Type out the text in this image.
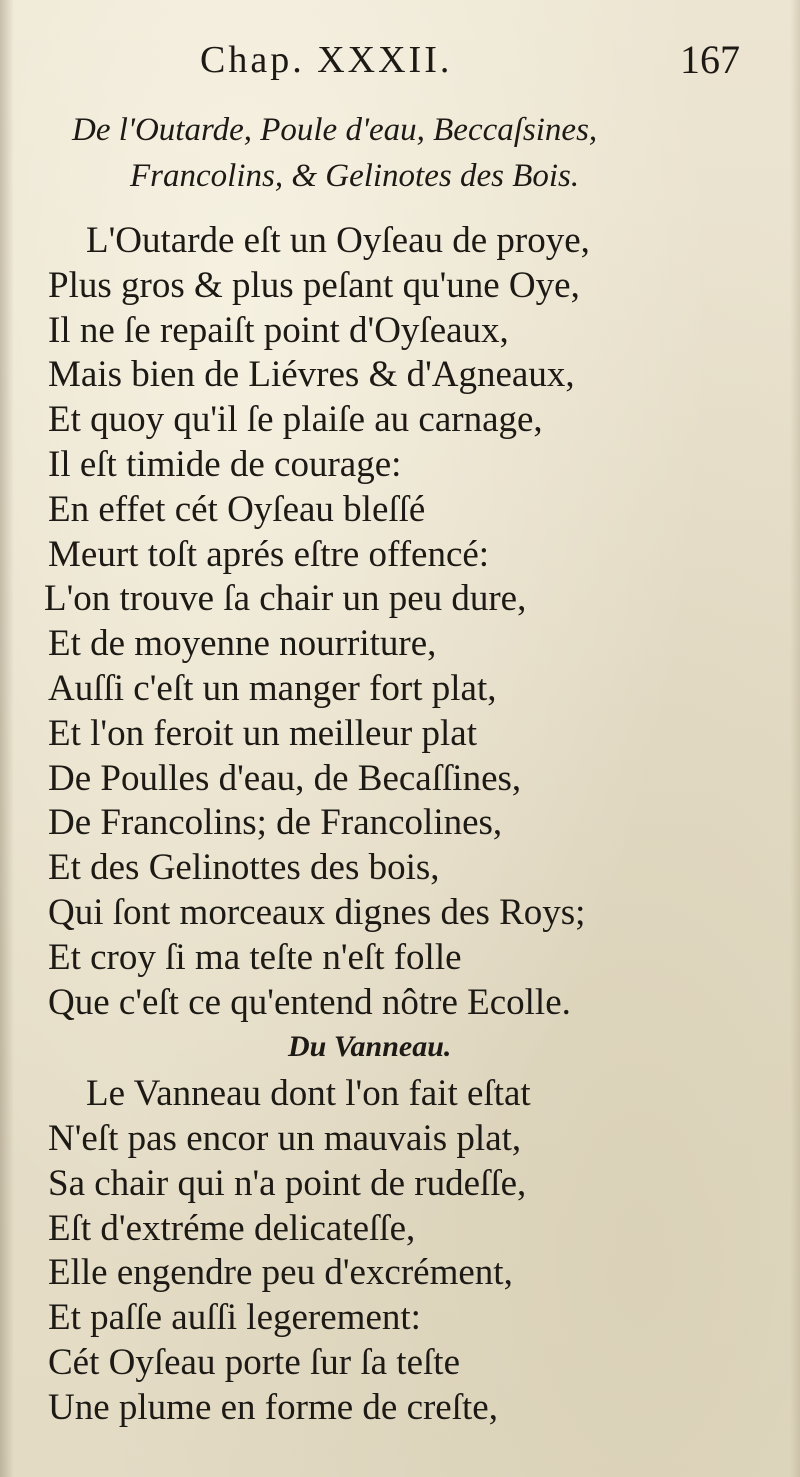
Chap. XXXII.	167
De l'Outarde, Poule d'eau, Beccaſsines,
Francolins, & Gelinotes des Bois.
L'Outarde eſt un Oyſeau de proye,
Plus gros & plus peſant qu'une Oye,
Il ne ſe repaiſt point d'Oyſeaux,
Mais bien de Liévres & d'Agneaux,
Et quoy qu'il ſe plaiſe au carnage,
Il eſt timide de courage:
En effet cét Oyſeau bleſſé
Meurt toſt aprés eſtre offencé:
L'on trouve ſa chair un peu dure,
Et de moyenne nourriture,
Auſſi c'eſt un manger fort plat,
Et l'on feroit un meilleur plat
De Poulles d'eau, de Becaſſines,
De Francolins; de Francolines,
Et des Gelinottes des bois,
Qui ſont morceaux dignes des Roys;
Et croy ſi ma teſte n'eſt folle
Que c'eſt ce qu'entend nôtre Ecolle.
Du Vanneau.
Le Vanneau dont l'on fait eſtat
N'eſt pas encor un mauvais plat,
Sa chair qui n'a point de rudeſſe,
Eſt d'extréme delicateſſe,
Elle engendre peu d'excrément,
Et paſſe auſſi legerement:
Cét Oyſeau porte ſur ſa teſte
Une plume en forme de creſte,
